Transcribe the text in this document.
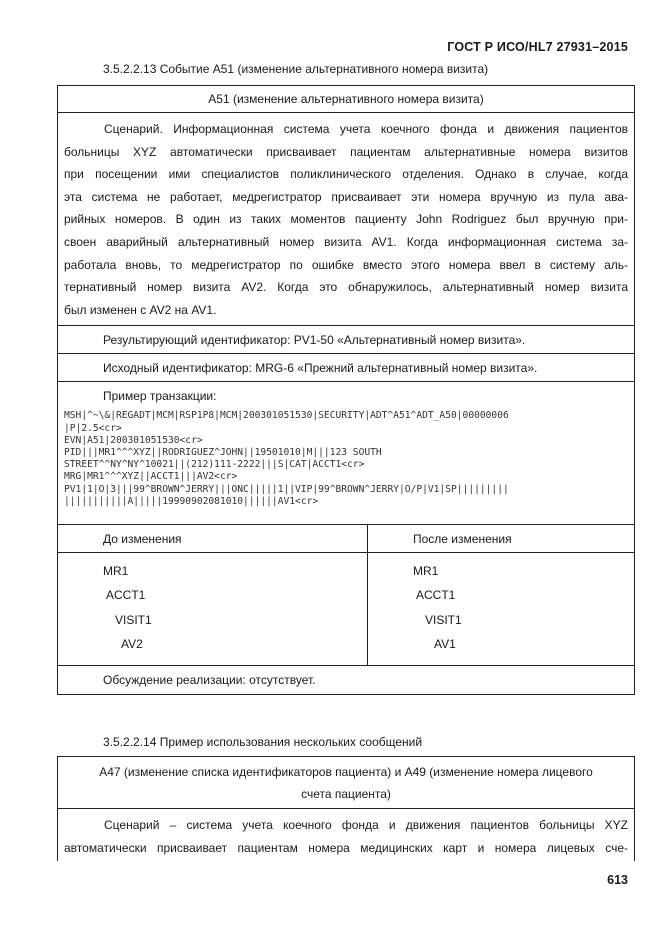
ГОСТ Р ИСО/HL7 27931–2015
3.5.2.2.13 Событие A51 (изменение альтернативного номера визита)
A51 (изменение альтернативного номера визита)
Сценарий. Информационная система учета коечного фонда и движения пациентов
больницы XYZ автоматически присваивает пациентам альтернативные номера визитов
при посещении ими специалистов поликлинического отделения. Однако в случае, когда
эта система не работает, медрегистратор присваивает эти номера вручную из пула ава-
рийных номеров. В один из таких моментов пациенту John Rodriguez был вручную при-
своен аварийный альтернативный номер визита AV1. Когда информационная система за-
работала вновь, то медрегистратор по ошибке вместо этого номера ввел в систему аль-
тернативный номер визита AV2. Когда это обнаружилось, альтернативный номер визита
был изменен с AV2 на AV1.
Результирующий идентификатор: PV1-50 «Альтернативный номер визита».
Исходный идентификатор: MRG-6 «Прежний альтернативный номер визита».
Пример транзакции:
MSH|^~\&|REGADT|MCM|RSP1P8|MCM|200301051530|SECURITY|ADT^A51^ADT_A50|00000006
|P|2.5<cr>
EVN|A51|200301051530<cr>
PID|||MR1^^^XYZ||RODRIGUEZ^JOHN||19501010|M|||123 SOUTH
STREET^^NY^NY^10021||(212)111-2222|||S|CAT|ACCT1<cr>
MRG|MR1^^^XYZ||ACCT1|||AV2<cr>
PV1|1|O|3|||99^BROWN^JERRY|||ONC|||||1||VIP|99^BROWN^JERRY|O/P|V1|SP|||||||||
|||||||||||A|||||19990902081010||||||AV1<cr>
До изменения	После изменения
MR1
ACCT1
VISIT1
AV2
MR1
ACCT1
VISIT1
AV1
Обсуждение реализации: отсутствует.
3.5.2.2.14 Пример использования нескольких сообщений
A47 (изменение списка идентификаторов пациента) и A49 (изменение номера лицевого
счета пациента)
Сценарий – система учета коечного фонда и движения пациентов больницы XYZ
автоматически присваивает пациентам номера медицинских карт и номера лицевых сче-
613
